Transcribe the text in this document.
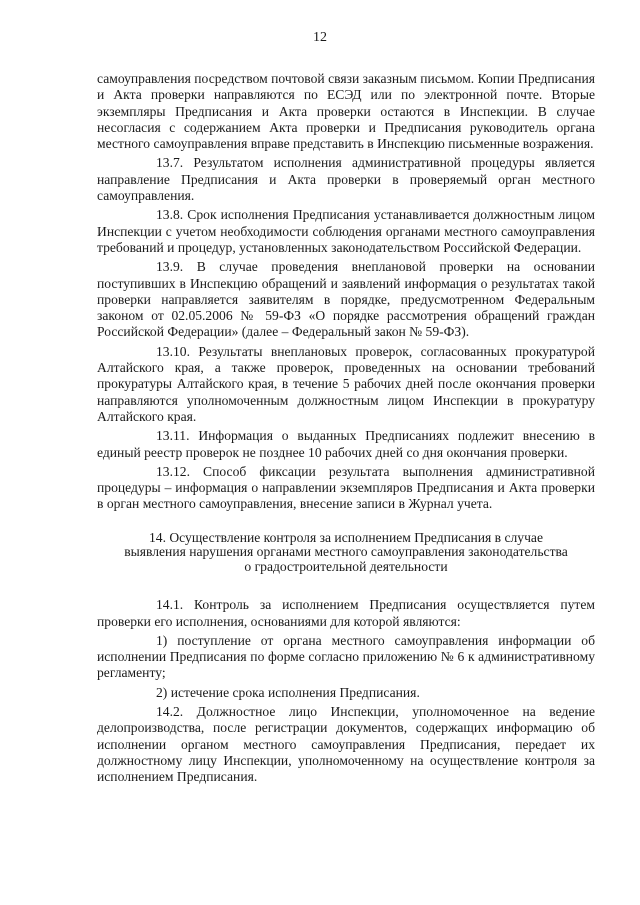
12

самоуправления посредством почтовой связи заказным письмом. Копии Предписания и Акта проверки направляются по ЕСЭД или по электронной почте. Вторые экземпляры Предписания и Акта проверки остаются в Инспекции. В случае несогласия с содержанием Акта проверки и Предписания руководитель органа местного самоуправления вправе представить в Инспекцию письменные возражения.

13.7. Результатом исполнения административной процедуры является направление Предписания и Акта проверки в проверяемый орган местного самоуправления.

13.8. Срок исполнения Предписания устанавливается должностным лицом Инспекции с учетом необходимости соблюдения органами местного самоуправления требований и процедур, установленных законодательством Российской Федерации.

13.9. В случае проведения внеплановой проверки на основании поступивших в Инспекцию обращений и заявлений информация о результатах такой проверки направляется заявителям в порядке, предусмотренном Федеральным законом от 02.05.2006 № 59-ФЗ «О порядке рассмотрения обращений граждан Российской Федерации» (далее – Федеральный закон № 59-ФЗ).

13.10. Результаты внеплановых проверок, согласованных прокуратурой Алтайского края, а также проверок, проведенных на основании требований прокуратуры Алтайского края, в течение 5 рабочих дней после окончания проверки направляются уполномоченным должностным лицом Инспекции в прокуратуру Алтайского края.

13.11. Информация о выданных Предписаниях подлежит внесению в единый реестр проверок не позднее 10 рабочих дней со дня окончания проверки.

13.12. Способ фиксации результата выполнения административной процедуры – информация о направлении экземпляров Предписания и Акта проверки в орган местного самоуправления, внесение записи в Журнал учета.

14. Осуществление контроля за исполнением Предписания в случае
выявления нарушения органами местного самоуправления законодательства
о градостроительной деятельности

14.1. Контроль за исполнением Предписания осуществляется путем проверки его исполнения, основаниями для которой являются:

1) поступление от органа местного самоуправления информации об исполнении Предписания по форме согласно приложению № 6 к административному регламенту;

2) истечение срока исполнения Предписания.

14.2. Должностное лицо Инспекции, уполномоченное на ведение делопроизводства, после регистрации документов, содержащих информацию об исполнении органом местного самоуправления Предписания, передает их должностному лицу Инспекции, уполномоченному на осуществление контроля за исполнением Предписания.
